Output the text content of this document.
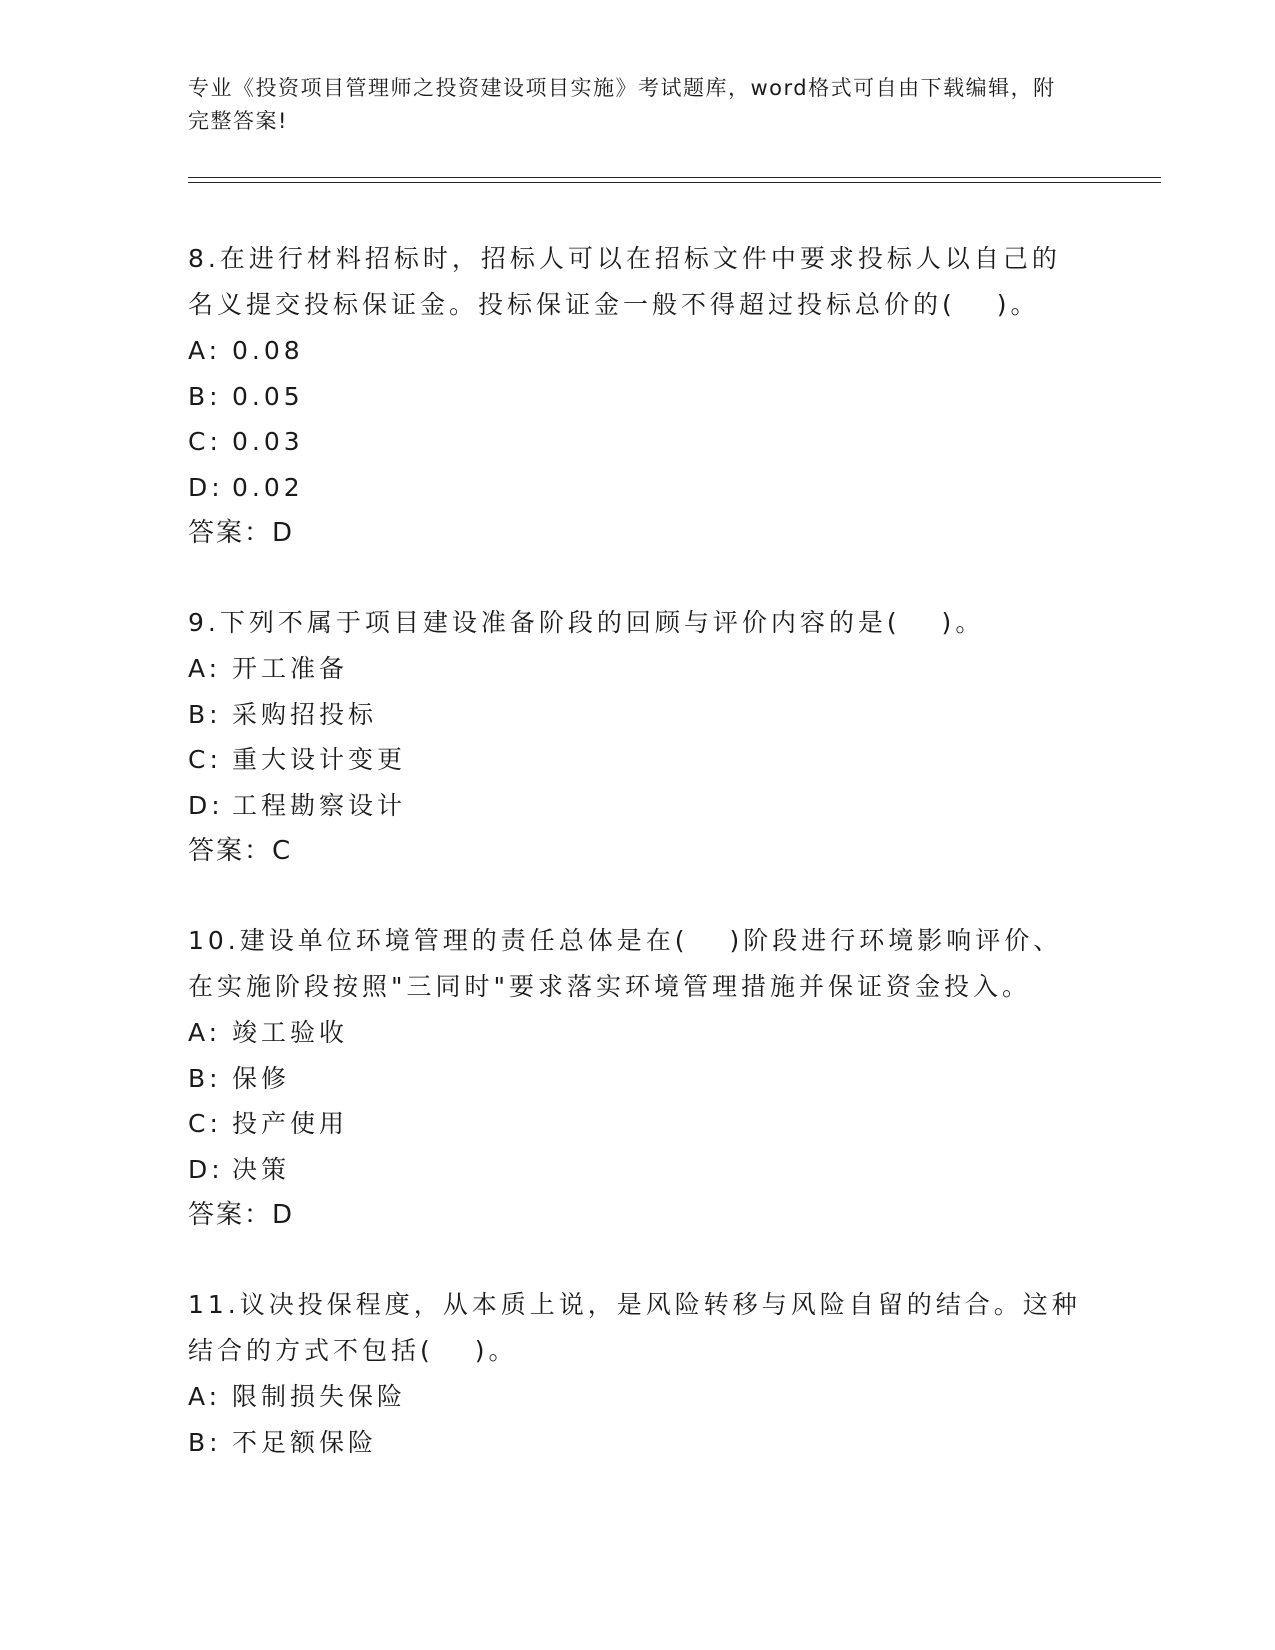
专业《投资项目管理师之投资建设项目实施》考试题库，word格式可自由下载编辑，附完整答案!

8.在进行材料招标时，招标人可以在招标文件中要求投标人以自己的名义提交投标保证金。投标保证金一般不得超过投标总价的(　 )。

A: 0.08

B: 0.05

C: 0.03

D: 0.02

答案：D

9.下列不属于项目建设准备阶段的回顾与评价内容的是(　 )。

A: 开工准备

B: 采购招投标

C: 重大设计变更

D: 工程勘察设计

答案：C

10.建设单位环境管理的责任总体是在(　 )阶段进行环境影响评价、在实施阶段按照"三同时"要求落实环境管理措施并保证资金投入。

A: 竣工验收

B: 保修

C: 投产使用

D: 决策

答案：D

11.议决投保程度，从本质上说，是风险转移与风险自留的结合。这种结合的方式不包括(　 )。

A: 限制损失保险

B: 不足额保险
